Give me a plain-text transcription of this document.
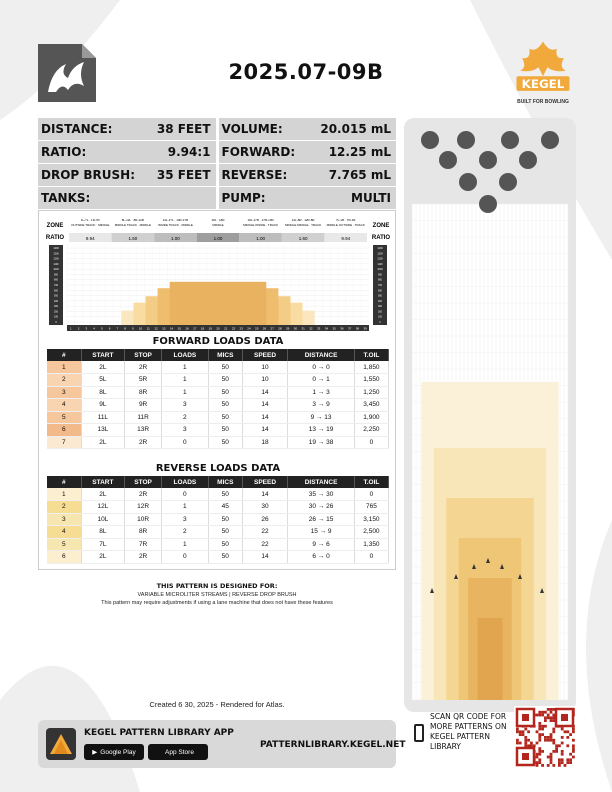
2025.07-09B
KEGEL
BUILT FOR BOWLING
DISTANCE:	38 FEET VOLUME:	20.015 mL
RATIO:	9.94:1 FORWARD:	12.25 mL
DROP BRUSH: 35 FEET REVERSE:	7.765 mL
TANKS:	PUMP:	MULTI
ZONE
RATIO
ZONE
RATIO
1L-7L · 1R-7R
OUTSIDE TRACK · MIDDLE
9.94
8L-12L · 8R-12R
MIDDLE TRACK · MIDDLE
1.60
13L-17L · 13R-17R
INSIDE TRACK · MIDDLE
1.00
18L · 18R
MIDDLE
1.00
18L-17R · 17R-13R
MIDDLE INSIDE · TRACK
1.00
12L-8R · 12R-8R
MIDDLE MIDDLE · TRACK
1.60
7L-1R · 7R-1R
MIDDLE OUTSIDE · TRACK
9.94
1400	1400
1300	1300
1200	1200
1100	1100
1000	1000
900	900
800	800
700	700
600	600
500	500
400	400
300	300
200	200
100	100
0	0
1 2 3 4 5 6 7 8 9 10 11 12 13 14 15 16 17 18 19 20 21 22 23 24 25 26 27 28 29 30 31 32 33 34 35 36 37 38 39
FORWARD LOADS DATA
#	START	STOP	LOADS	MICS	SPEED	DISTANCE	T.OIL
1	2L	2R	1	50	10	0 → 0	1,850
2	5L	5R	1	50	10	0 → 1	1,550
3	8L	8R	1	50	14	1 → 3	1,250
4	9L	9R	3	50	14	3 → 9	3,450
5	11L	11R	2	50	14	9 → 13	1,900
6	13L	13R	3	50	14	13 → 19	2,250
7	2L	2R	0	50	18	19 → 38	0
REVERSE LOADS DATA
#	START	STOP	LOADS	MICS	SPEED	DISTANCE	T.OIL
1	2L	2R	0	50	14	35 → 30	0
2	12L	12R	1	45	30	30 → 26	765
3	10L	10R	3	50	26	26 → 15	3,150
4	8L	8R	2	50	22	15 → 9	2,500
5	7L	7R	1	50	22	9 → 6	1,350
6	2L	2R	0	50	14	6 → 0	0
THIS PATTERN IS DESIGNED FOR:
VARIABLE MICROLITER STREAMS | REVERSE DROP BRUSH
This pattern may require adjustments if using a lane machine that does not have these features
Created 6 30, 2025 - Rendered for Atlas.
KEGEL PATTERN LIBRARY APP
▶ Google Play	App Store
PATTERNLIBRARY.KEGEL.NET
SCAN QR CODE FOR MORE PATTERNS ON KEGEL PATTERN LIBRARY
